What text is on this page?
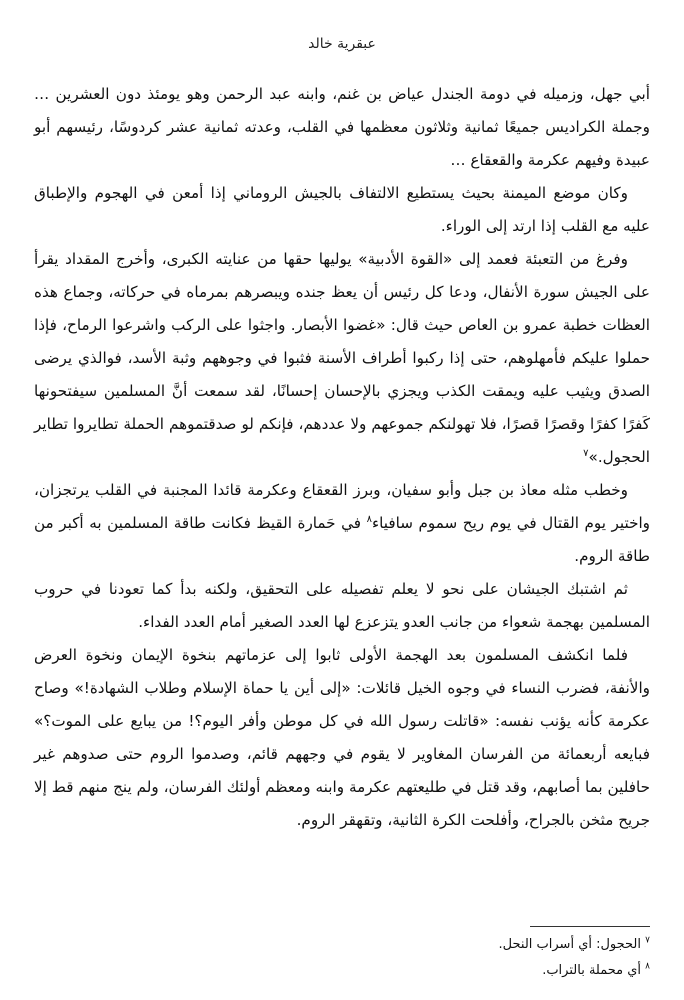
عبقرية خالد

أبي جهل، وزميله في دومة الجندل عياض بن غنم، وابنه عبد الرحمن وهو يومئذ دون العشرين … وجملة الكراديس جميعًا ثمانية وثلاثون معظمها في القلب، وعدته ثمانية عشر كردوسًا، رئيسهم أبو عبيدة وفيهم عكرمة والقعقاع …

وكان موضع الميمنة بحيث يستطيع الالتفاف بالجيش الروماني إذا أمعن في الهجوم والإطباق عليه مع القلب إذا ارتد إلى الوراء.

وفرغ من التعبئة فعمد إلى «القوة الأدبية» يوليها حقها من عنايته الكبرى، وأخرج المقداد يقرأ على الجيش سورة الأنفال، ودعا كل رئيس أن يعظ جنده ويبصرهم بمرماه في حركاته، وجماع هذه العظات خطبة عمرو بن العاص حيث قال: «غضوا الأبصار. واجثوا على الركب واشرعوا الرماح، فإذا حملوا عليكم فأمهلوهم، حتى إذا ركبوا أطراف الأسنة فثبوا في وجوههم وثبة الأسد، فوالذي يرضى الصدق ويثيب عليه ويمقت الكذب ويجزي بالإحسان إحسانًا، لقد سمعت أنَّ المسلمين سيفتحونها كَفرًا كفرًا وقصرًا قصرًا، فلا تهولنكم جموعهم ولا عددهم، فإنكم لو صدقتموهم الحملة تطايروا تطاير الحجول.»$^٧$

وخطب مثله معاذ بن جبل وأبو سفيان، وبرز القعقاع وعكرمة قائدا المجنبة في القلب يرتجزان، واختير يوم القتال في يوم ريح سموم سافياء$^٨$ في حَمارة القيظ فكانت طاقة المسلمين به أكبر من طاقة الروم.

ثم اشتبك الجيشان على نحو لا يعلم تفصيله على التحقيق، ولكنه بدأ كما تعودنا في حروب المسلمين بهجمة شعواء من جانب العدو يتزعزع لها العدد الصغير أمام العدد الفداء.

فلما انكشف المسلمون بعد الهجمة الأولى ثابوا إلى عزماتهم بنخوة الإيمان ونخوة العرض والأنفة، فضرب النساء في وجوه الخيل قائلات: «إلى أين يا حماة الإسلام وطلاب الشهادة!» وصاح عكرمة كأنه يؤنب نفسه: «قاتلت رسول الله في كل موطن وأفر اليوم؟! من يبايع على الموت؟» فبايعه أربعمائة من الفرسان المغاوير لا يقوم في وجههم قائم، وصدموا الروم حتى صدوهم غير حافلين بما أصابهم، وقد قتل في طليعتهم عكرمة وابنه ومعظم أولئك الفرسان، ولم ينج منهم قط إلا جريح مثخن بالجراح، وأفلحت الكرة الثانية، وتقهقر الروم.

$^٧$ الحجول: أي أسراب النحل.
$^٨$ أي محملة بالتراب.
